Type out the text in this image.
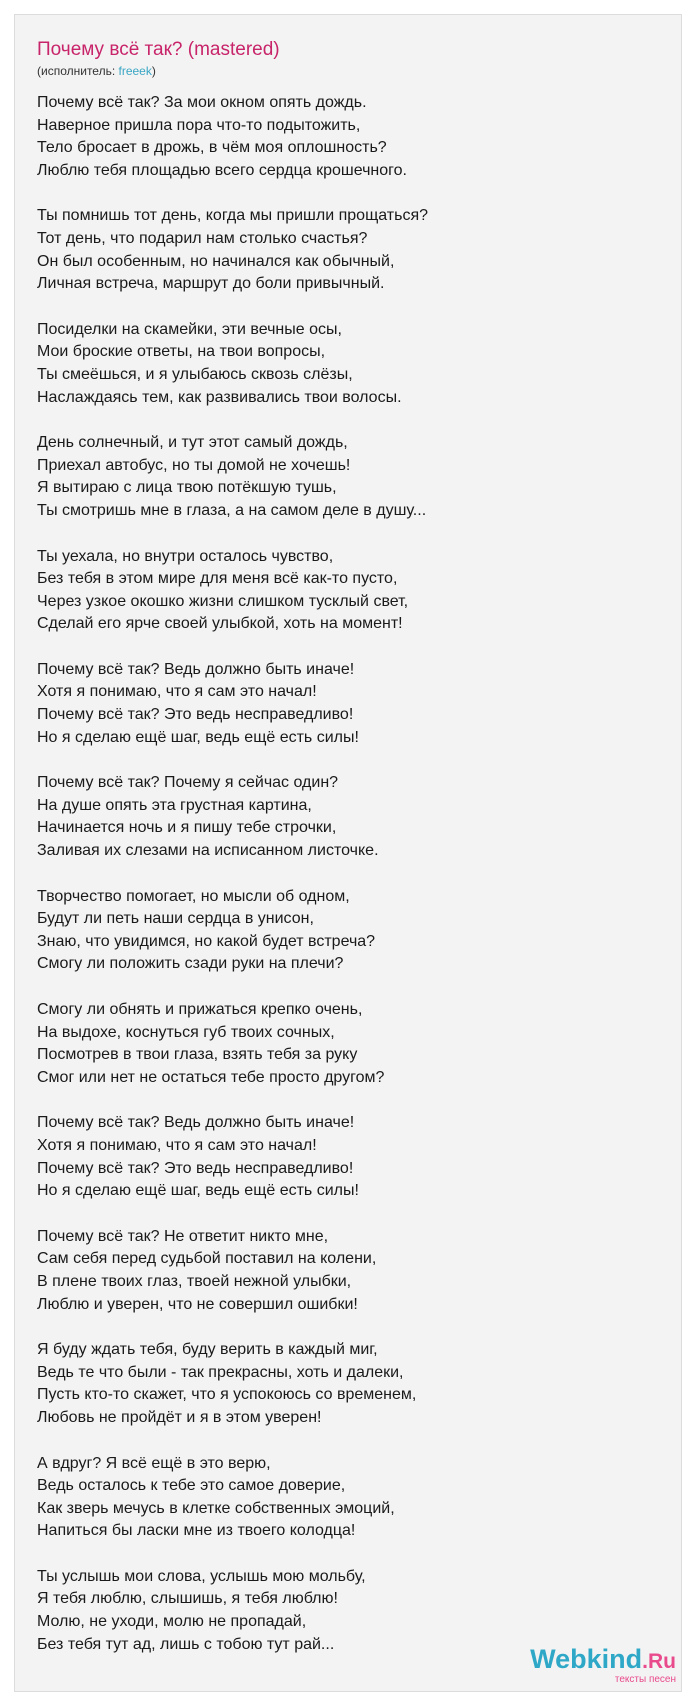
Почему всё так? (mastered)
(исполнитель: freeek)
Почему всё так? За мои окном опять дождь.
Наверное пришла пора что-то подытожить,
Тело бросает в дрожь, в чём моя оплошность?
Люблю тебя площадью всего сердца крошечного.
Ты помнишь тот день, когда мы пришли прощаться?
Тот день, что подарил нам столько счастья?
Он был особенным, но начинался как обычный,
Личная встреча, маршрут до боли привычный.
Посиделки на скамейки, эти вечные осы,
Мои броские ответы, на твои вопросы,
Ты смеёшься, и я улыбаюсь сквозь слёзы,
Наслаждаясь тем, как развивались твои волосы.
День солнечный, и тут этот самый дождь,
Приехал автобус, но ты домой не хочешь!
Я вытираю с лица твою потёкшую тушь,
Ты смотришь мне в глаза, а на самом деле в душу...
Ты уехала, но внутри осталось чувство,
Без тебя в этом мире для меня всё как-то пусто,
Через узкое окошко жизни слишком тусклый свет,
Сделай его ярче своей улыбкой, хоть на момент!
Почему всё так? Ведь должно быть иначе!
Хотя я понимаю, что я сам это начал!
Почему всё так? Это ведь несправедливо!
Но я сделаю ещё шаг, ведь ещё есть силы!
Почему всё так? Почему я сейчас один?
На душе опять эта грустная картина,
Начинается ночь и я пишу тебе строчки,
Заливая их слезами на исписанном листочке.
Творчество помогает, но мысли об одном,
Будут ли петь наши сердца в унисон,
Знаю, что увидимся, но какой будет встреча?
Смогу ли положить сзади руки на плечи?
Смогу ли обнять и прижаться крепко очень,
На выдохе, коснуться губ твоих сочных,
Посмотрев в твои глаза, взять тебя за руку
Смог или нет не остаться тебе просто другом?
Почему всё так? Ведь должно быть иначе!
Хотя я понимаю, что я сам это начал!
Почему всё так? Это ведь несправедливо!
Но я сделаю ещё шаг, ведь ещё есть силы!
Почему всё так? Не ответит никто мне,
Сам себя перед судьбой поставил на колени,
В плене твоих глаз, твоей нежной улыбки,
Люблю и уверен, что не совершил ошибки!
Я буду ждать тебя, буду верить в каждый миг,
Ведь те что были - так прекрасны, хоть и далеки,
Пусть кто-то скажет, что я успокоюсь со временем,
Любовь не пройдёт и я в этом уверен!
А вдруг? Я всё ещё в это верю,
Ведь осталось к тебе это самое доверие,
Как зверь мечусь в клетке собственных эмоций,
Напиться бы ласки мне из твоего колодца!
Ты услышь мои слова, услышь мою мольбу,
Я тебя люблю, слышишь, я тебя люблю!
Молю, не уходи, молю не пропадай,
Без тебя тут ад, лишь с тобою тут рай...	Webkind.Ru
тексты песен
